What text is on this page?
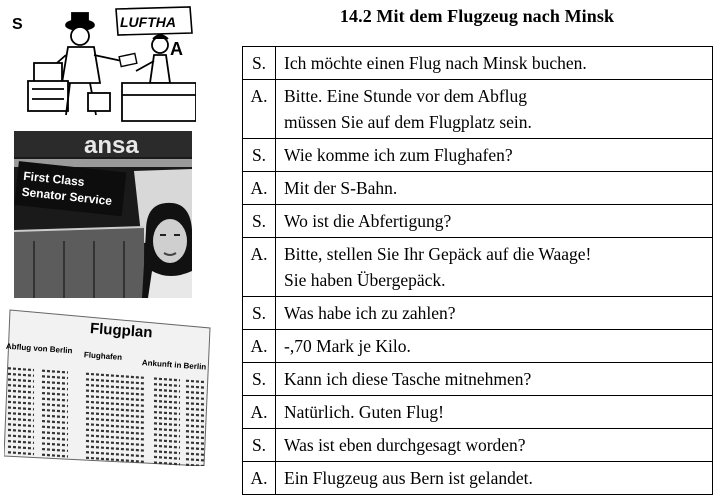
S
A
LUFTHA
ansa
First Class
Senator Service
Flugplan
Abflug von Berlin
Flughafen
Ankunft in Berlin
14.2 Mit dem Flugzeug nach Minsk
S.	Ich möchte einen Flug nach Minsk buchen.

A.	Bitte. Eine Stunde vor dem Abflug
müssen Sie auf dem Flugplatz sein.

S.	Wie komme ich zum Flughafen?

A.	Mit der S-Bahn.

S.	Wo ist die Abfertigung?

A.	Bitte, stellen Sie Ihr Gepäck auf die Waage!
Sie haben Übergepäck.

S.	Was habe ich zu zahlen?

A.	-,70 Mark je Kilo.

S.	Kann ich diese Tasche mitnehmen?

A.	Natürlich. Guten Flug!

S.	Was ist eben durchgesagt worden?

A.	Ein Flugzeug aus Bern ist gelandet.
